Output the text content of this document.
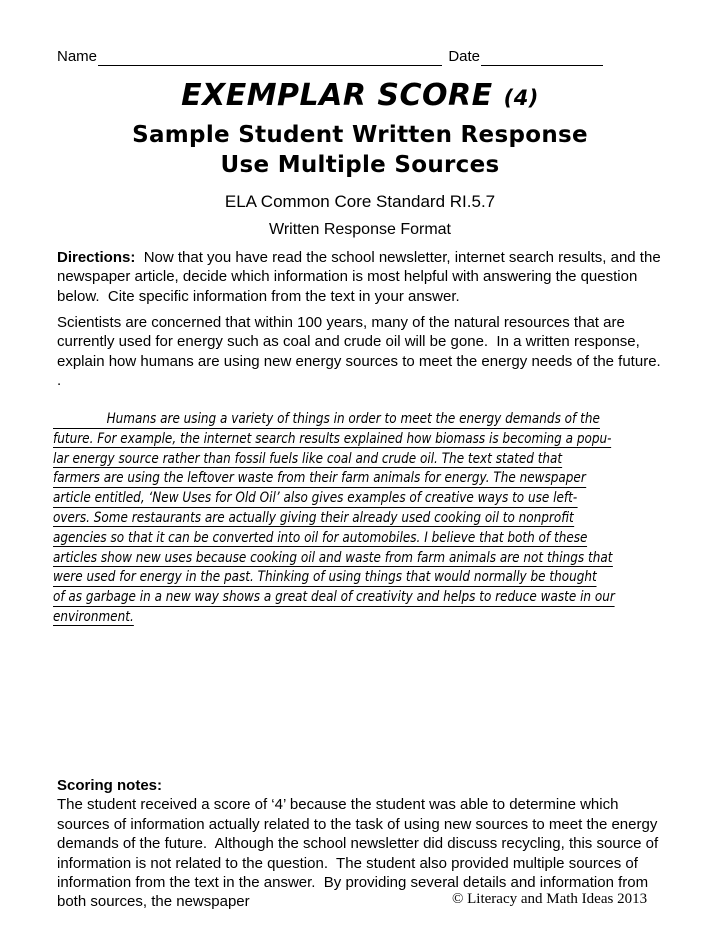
Name	Date
EXEMPLAR SCORE (4)
Sample Student Written Response
Use Multiple Sources
ELA Common Core Standard RI.5.7
Written Response Format
Directions:  Now that you have read the school newsletter, internet search results, and the newspaper article, decide which information is most helpful with answering the question below.  Cite specific information from the text in your answer.
Scientists are concerned that within 100 years, many of the natural resources that are currently used for energy such as coal and crude oil will be gone.  In a written response, explain how humans are using new energy sources to meet the energy needs of the future.
.
Humans are using a variety of things in order to meet the energy demands of the
future. For example, the internet search results explained how biomass is becoming a popu-
lar energy source rather than fossil fuels like coal and crude oil. The text stated that
farmers are using the leftover waste from their farm animals for energy. The newspaper
article entitled, ‘New Uses for Old Oil’ also gives examples of creative ways to use left-
overs. Some restaurants are actually giving their already used cooking oil to nonprofit
agencies so that it can be converted into oil for automobiles. I believe that both of these
articles show new uses because cooking oil and waste from farm animals are not things that
were used for energy in the past. Thinking of using things that would normally be thought
of as garbage in a new way shows a great deal of creativity and helps to reduce waste in our
environment.
Scoring notes:
The student received a score of ‘4’ because the student was able to determine which sources of information actually related to the task of using new sources to meet the energy demands of the future.  Although the school newsletter did discuss recycling, this source of information is not related to the question.  The student also provided multiple sources of information from the text in the answer.  By providing several details and information from both sources, the newspaper	© Literacy and Math Ideas 2013
